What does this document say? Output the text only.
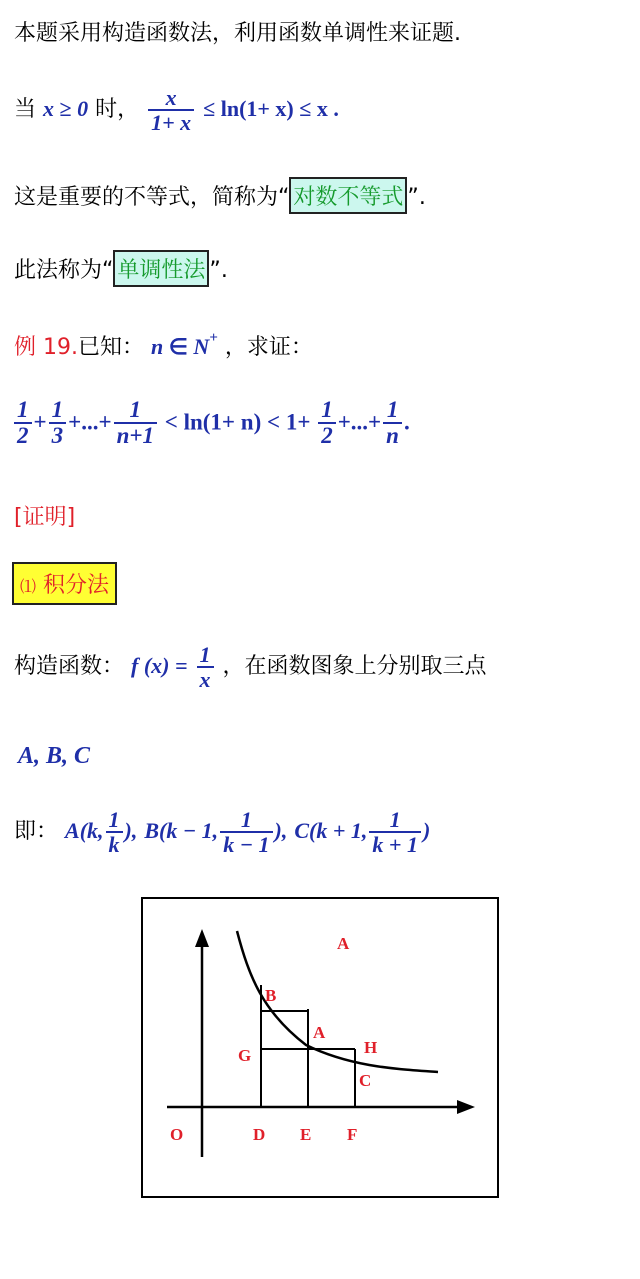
本题采用构造函数法，利用函数单调性来证题.
当 x ≥ 0 时， $\frac{x}{1+ x} \le \ln(1+ x) \le x$ .
这是重要的不等式，简称为“ 对数不等式 ”.
此法称为“ 单调性法 ”.
例 19.已知： n ∈ N+ ，求证：
$\frac{1}{2} + \frac{1}{3}$ +...+ $\frac{1}{n+1} < \ln(1+ n) < 1+ \frac{1}{2}$ +...+ $\frac{1}{n}$ .
[证明]
⑴ 积分法
构造函数： f $(x) = \frac{1}{x}$ ，在函数图象上分别取三点
A, B, C
即： A(k, $\frac{1}{k}$ ), B(k − 1, $\frac{1}{k - 1}$ ), C(k + 1, $\frac{1}{k + 1}$ )
A
B
A
G	H
C
O	D E F
